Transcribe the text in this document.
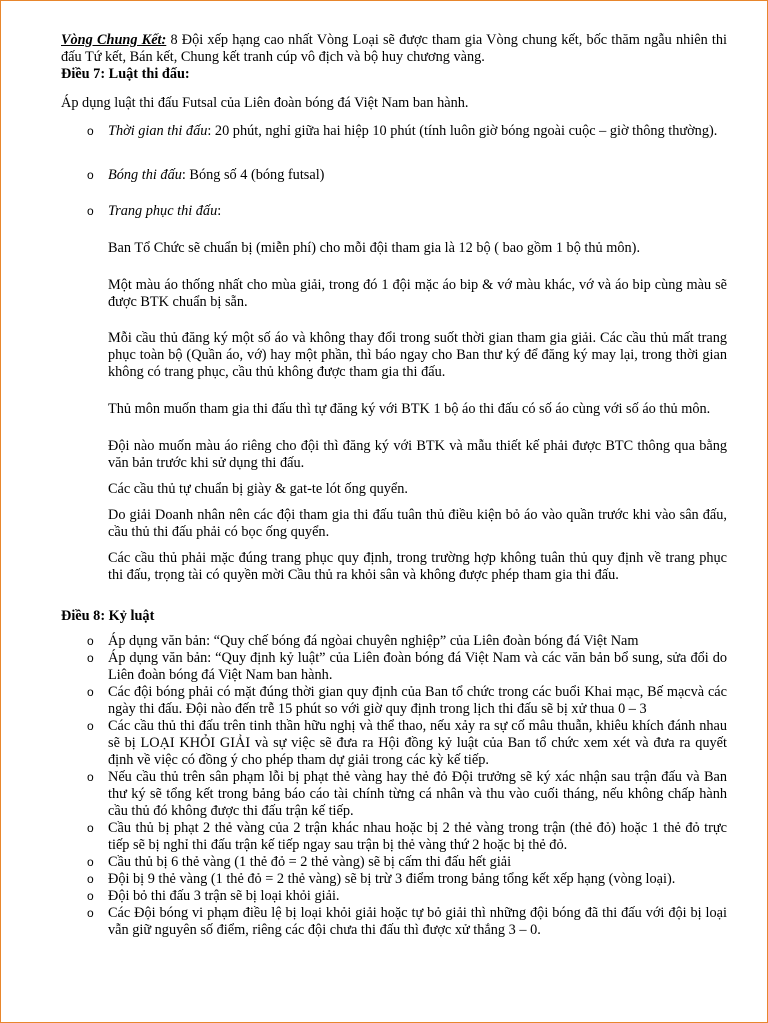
Vòng Chung Kết: 8 Đội xếp hạng cao nhất Vòng Loại sẽ được tham gia Vòng chung kết, bốc thăm ngẫu nhiên thi đấu Tứ kết, Bán kết, Chung kết tranh cúp vô địch và bộ huy chương vàng.

Điều 7: Luật thi đấu:

Áp dụng luật thi đấu Futsal của Liên đoàn bóng đá Việt Nam ban hành.

o Thời gian thi đấu: 20 phút, nghỉ giữa hai hiệp 10 phút (tính luôn giờ bóng ngoài cuộc – giờ thông thường).
o Bóng thi đấu: Bóng số 4 (bóng futsal)
o Trang phục thi đấu:

Ban Tổ Chức sẽ chuẩn bị (miễn phí) cho mỗi đội tham gia là 12 bộ ( bao gồm 1 bộ thủ môn).

Một màu áo thống nhất cho mùa giải, trong đó 1 đội mặc áo bip & vớ màu khác, vớ và áo bip cùng màu sẽ được BTK chuẩn bị sẵn.

Mỗi cầu thủ đăng ký một số áo và không thay đổi trong suốt thời gian tham gia giải. Các cầu thủ mất trang phục toàn bộ (Quần áo, vớ) hay một phần, thì báo ngay cho Ban thư ký để đăng ký may lại, trong thời gian không có trang phục, cầu thủ không được tham gia thi đấu.

Thủ môn muốn tham gia thi đấu thì tự đăng ký với BTK 1 bộ áo thi đấu có số áo cùng với số áo thủ môn.

Đội nào muốn màu áo riêng cho đội thì đăng ký với BTK và mẫu thiết kế phải được BTC thông qua bằng văn bản trước khi sử dụng thi đấu.

Các cầu thủ tự chuẩn bị giày & gat-te lót ống quyển.

Do giải Doanh nhân nên các đội tham gia thi đấu tuân thủ điều kiện bỏ áo vào quần trước khi vào sân đấu, cầu thủ thi đấu phải có bọc ống quyển.

Các cầu thủ phải mặc đúng trang phục quy định, trong trường hợp không tuân thủ quy định về trang phục thi đấu, trọng tài có quyền mời Cầu thủ ra khỏi sân và không được phép tham gia thi đấu.

Điều 8: Kỷ luật

o Áp dụng văn bản: “Quy chế bóng đá ngòai chuyên nghiệp” của Liên đoàn bóng đá Việt Nam
o Áp dụng văn bản: “Quy định kỷ luật” của Liên đoàn bóng đá Việt Nam và các văn bản bổ sung, sửa đổi do Liên đoàn bóng đá Việt Nam ban hành.
o Các đội bóng phải có mặt đúng thời gian quy định của Ban tổ chức trong các buổi Khai mạc, Bế mạcvà các ngày thi đấu. Đội nào đến trễ 15 phút so với giờ quy định trong lịch thi đấu sẽ bị xử thua 0 – 3
o Các cầu thủ thi đấu trên tinh thần hữu nghị và thể thao, nếu xảy ra sự cố mâu thuẫn, khiêu khích đánh nhau sẽ bị LOẠI KHỎI GIẢI và sự việc sẽ đưa ra Hội đồng kỷ luật của Ban tổ chức xem xét và đưa ra quyết định về việc có đồng ý cho phép tham dự giải trong các kỳ kế tiếp.
o Nếu cầu thủ trên sân phạm lỗi bị phạt thẻ vàng hay thẻ đỏ Đội trưởng sẽ ký xác nhận sau trận đấu và Ban thư ký sẽ tổng kết trong bảng báo cáo tài chính từng cá nhân và thu vào cuối tháng, nếu không chấp hành cầu thủ đó không được thi đấu trận kế tiếp.
o Cầu thủ bị phạt 2 thẻ vàng của 2 trận khác nhau hoặc bị 2 thẻ vàng trong trận (thẻ đỏ) hoặc 1 thẻ đỏ trực tiếp sẽ bị nghỉ thi đấu trận kế tiếp ngay sau trận bị thẻ vàng thứ 2 hoặc bị thẻ đỏ.
o Cầu thủ bị 6 thẻ vàng (1 thẻ đỏ = 2 thẻ vàng) sẽ bị cấm thi đấu hết giải
o Đội bị 9 thẻ vàng (1 thẻ đỏ = 2 thẻ vàng) sẽ bị trừ 3 điểm trong bảng tổng kết xếp hạng (vòng loại).
o Đội bỏ thi đấu 3 trận sẽ bị loại khỏi giải.
o Các Đội bóng vi phạm điều lệ bị loại khỏi giải hoặc tự bỏ giải thì những đội bóng đã thi đấu với đội bị loại vẫn giữ nguyên số điểm, riêng các đội chưa thi đấu thì được xử thắng 3 – 0.
